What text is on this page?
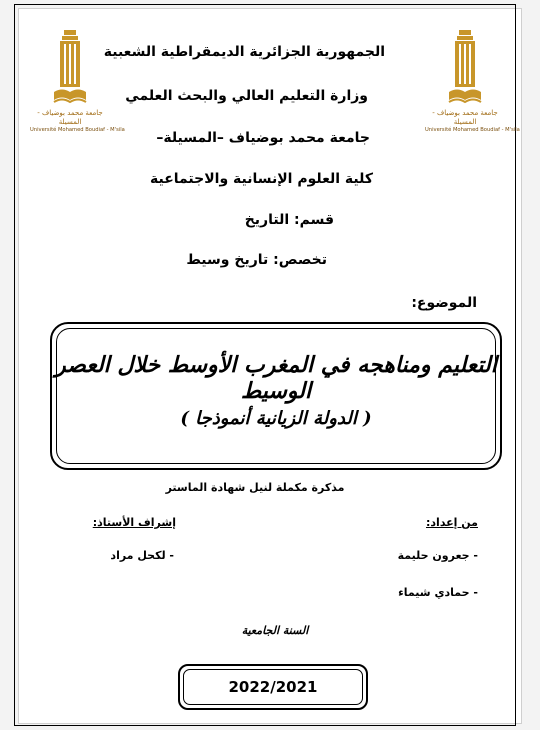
جامعة محمد بوضياف - المسيلة
Université Mohamed Boudiaf - M'sila
جامعة محمد بوضياف - المسيلة
Université Mohamed Boudiaf - M'sila
الجمهورية الجزائرية الديمقراطية الشعبية
وزارة التعليم العالي والبحث العلمي
جامعة محمد بوضياف –المسيلة–
كلية العلوم الإنسانية والاجتماعية
قسم: التاريخ
تخصص: تاريخ وسيط
الموضوع:
التعليم ومناهجه في المغرب الأوسط خلال العصر الوسيط
( الدولة الزيانية أنموذجا )
مذكرة مكملة لنيل شهادة الماستر
من إعداد:
- جعرون حليمة
- حمادي شيماء
إشراف الأستاذ:
- لكحل مراد
السنة الجامعية
2022/2021
